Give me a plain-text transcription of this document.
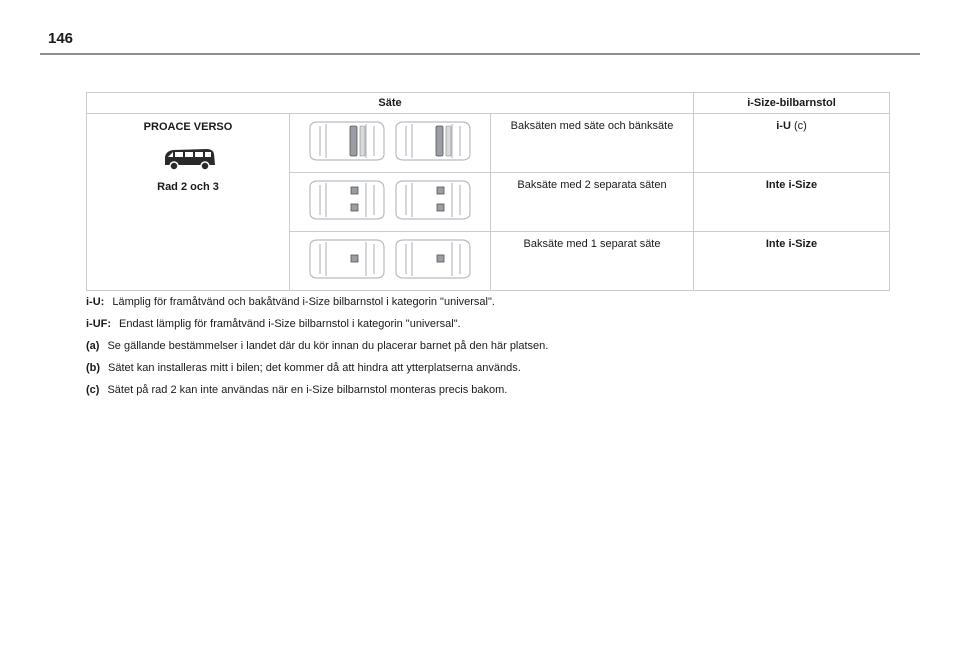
146
Säte			i-Size-bilbarnstol

PROACE VERSO
Rad 2 och 3		Baksäten med säte och bänksäte	i-U (c)

	Baksäte med 2 separata säten	Inte i-Size

	Baksäte med 1 separat säte	Inte i-Size
i-U: Lämplig för framåtvänd och bakåtvänd i-Size bilbarnstol i kategorin "universal".
i-UF: Endast lämplig för framåtvänd i-Size bilbarnstol i kategorin "universal".
(a) Se gällande bestämmelser i landet där du kör innan du placerar barnet på den här platsen.
(b) Sätet kan installeras mitt i bilen; det kommer då att hindra att ytterplatserna används.
(c) Sätet på rad 2 kan inte användas när en i-Size bilbarnstol monteras precis bakom.
